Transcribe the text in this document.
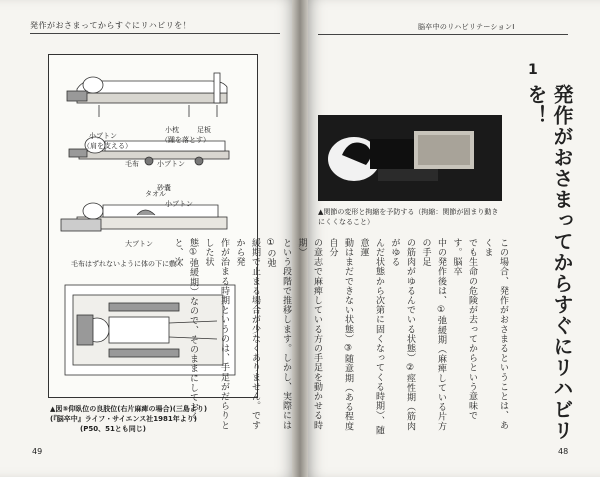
発作がおさまってからすぐにリハビリを！
小ブトン
（肩を支える）
小枕	足板
（踵を落とす）
毛布	小ブトン
砂嚢
タオル
小ブトン
大ブトン
毛布はずれないように体の下に敷く
▲図⑤仰臥位の良肢位(右片麻痺の場合)(三島より)
(『脳卒中』ライフ・サイエンス社1981年より)
(P50、51とも同じ)
49
脳卒中のリハビリテーションⅠ
▲関節の変形と拘縮を予防する（拘縮：関節が固まり動きにくくなること）
1
発作がおさまってからすぐにリハビリを！
この場合、発作がおさまるということは、あくま
でも生命の危険が去ってからという意味です。脳卒
中の発作後は、①弛緩期（麻痺している片方の手足
の筋肉がゆるんでいる状態）②痙性期（筋肉がゆる
んだ状態から次第に固くなってくる時期）、随意運
動はまだできない状態）③随意期（ある程度自分
の意志で麻痺している方の手足を動かせる時期）
という段階で推移します。しかし、実際には①の弛
緩期で止まる場合が少なくありません。ですから発
作が治まる時期というのは、手足がだらりとした状
態①弛緩期）なので、そのままにしておくと、次
48
